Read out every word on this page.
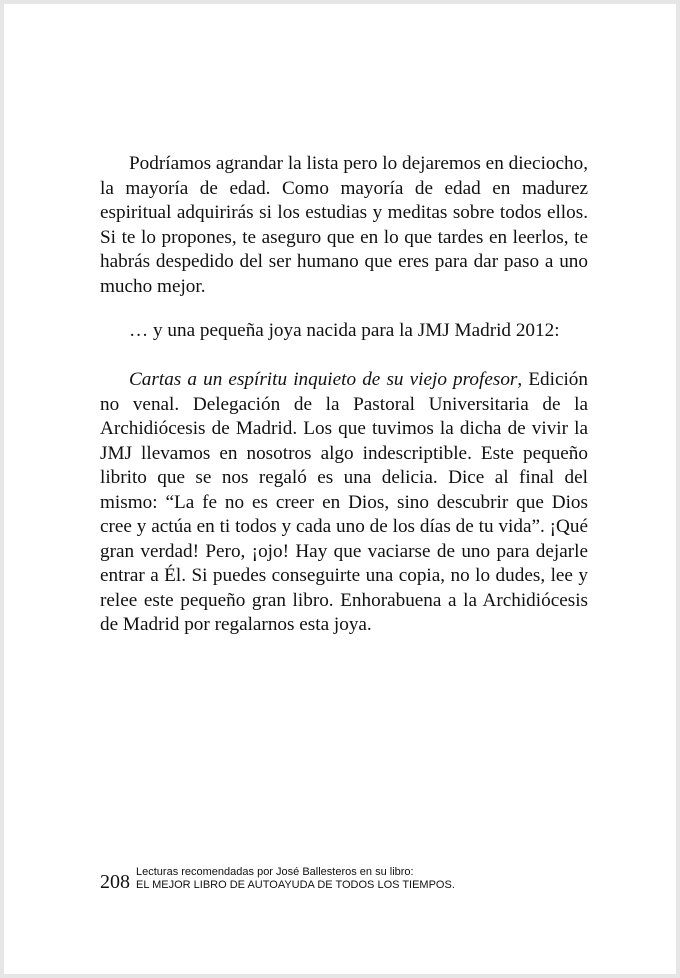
Podríamos agrandar la lista pero lo dejaremos en dieciocho, la mayoría de edad. Como mayoría de edad en madurez espiritual adquirirás si los estudias y meditas sobre todos ellos. Si te lo propones, te aseguro que en lo que tardes en leerlos, te habrás despedido del ser humano que eres para dar paso a uno mucho mejor.

… y una pequeña joya nacida para la JMJ Madrid 2012:

Cartas a un espíritu inquieto de su viejo profesor, Edición no venal. Delegación de la Pastoral Universitaria de la Archidiócesis de Madrid. Los que tuvimos la dicha de vivir la JMJ llevamos en nosotros algo indescriptible. Este pequeño librito que se nos regaló es una delicia. Dice al final del mismo: “La fe no es creer en Dios, sino descubrir que Dios cree y actúa en ti todos y cada uno de los días de tu vida”. ¡Qué gran verdad! Pero, ¡ojo! Hay que vaciarse de uno para dejarle entrar a Él. Si puedes conseguirte una copia, no lo dudes, lee y relee este pequeño gran libro. Enhorabuena a la Archidiócesis de Madrid por regalarnos esta joya.

208 Lecturas recomendadas por José Ballesteros en su libro:
EL MEJOR LIBRO DE AUTOAYUDA DE TODOS LOS TIEMPOS.
